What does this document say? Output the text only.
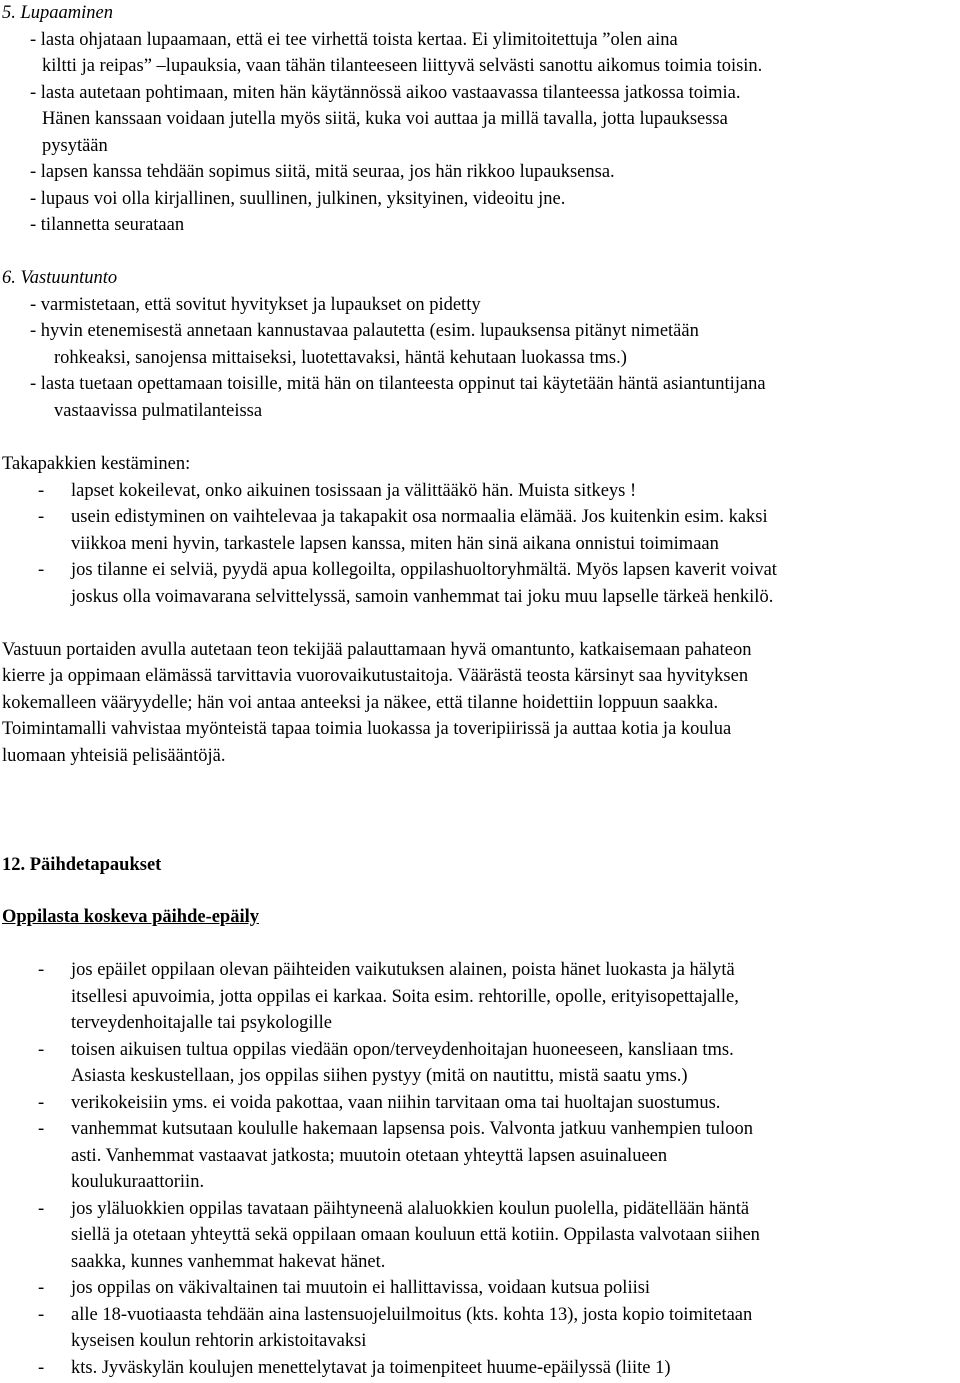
5. Lupaaminen
- lasta ohjataan lupaamaan, että ei tee virhettä toista kertaa. Ei ylimitoitettuja ”olen aina
kiltti ja reipas” –lupauksia, vaan tähän tilanteeseen liittyvä selvästi sanottu aikomus toimia toisin.
- lasta autetaan pohtimaan, miten hän käytännössä aikoo vastaavassa tilanteessa jatkossa toimia.
Hänen kanssaan voidaan jutella myös siitä, kuka voi auttaa ja millä tavalla, jotta lupauksessa
pysytään
- lapsen kanssa tehdään sopimus siitä, mitä seuraa, jos hän rikkoo lupauksensa.
- lupaus voi olla kirjallinen, suullinen, julkinen, yksityinen, videoitu jne.
- tilannetta seurataan
6. Vastuuntunto
- varmistetaan, että sovitut hyvitykset ja lupaukset on pidetty
- hyvin etenemisestä annetaan kannustavaa palautetta (esim. lupauksensa pitänyt nimetään
rohkeaksi, sanojensa mittaiseksi, luotettavaksi, häntä kehutaan luokassa tms.)
- lasta tuetaan opettamaan toisille, mitä hän on tilanteesta oppinut tai käytetään häntä asiantuntijana
vastaavissa pulmatilanteissa
Takapakkien kestäminen:
- lapset kokeilevat, onko aikuinen tosissaan ja välittääkö hän. Muista sitkeys !
- usein edistyminen on vaihtelevaa ja takapakit osa normaalia elämää. Jos kuitenkin esim. kaksi
viikkoa meni hyvin, tarkastele lapsen kanssa, miten hän sinä aikana onnistui toimimaan
- jos tilanne ei selviä, pyydä apua kollegoilta, oppilashuoltoryhmältä. Myös lapsen kaverit voivat
joskus olla voimavarana selvittelyssä, samoin vanhemmat tai joku muu lapselle tärkeä henkilö.
Vastuun portaiden avulla autetaan teon tekijää palauttamaan hyvä omantunto, katkaisemaan pahateon
kierre ja oppimaan elämässä tarvittavia vuorovaikutustaitoja. Väärästä teosta kärsinyt saa hyvityksen
kokemalleen vääryydelle; hän voi antaa anteeksi ja näkee, että tilanne hoidettiin loppuun saakka.
Toimintamalli vahvistaa myönteistä tapaa toimia luokassa ja toveripiirissä ja auttaa kotia ja koulua
luomaan yhteisiä pelisääntöjä.
12. Päihdetapaukset
Oppilasta koskeva päihde-epäily
- jos epäilet oppilaan olevan päihteiden vaikutuksen alainen, poista hänet luokasta ja hälytä
itsellesi apuvoimia, jotta oppilas ei karkaa. Soita esim. rehtorille, opolle, erityisopettajalle,
terveydenhoitajalle tai psykologille
- toisen aikuisen tultua oppilas viedään opon/terveydenhoitajan huoneeseen, kansliaan tms.
Asiasta keskustellaan, jos oppilas siihen pystyy (mitä on nautittu, mistä saatu yms.)
- verikokeisiin yms. ei voida pakottaa, vaan niihin tarvitaan oma tai huoltajan suostumus.
- vanhemmat kutsutaan koululle hakemaan lapsensa pois. Valvonta jatkuu vanhempien tuloon
asti. Vanhemmat vastaavat jatkosta; muutoin otetaan yhteyttä lapsen asuinalueen
koulukuraattoriin.
- jos yläluokkien oppilas tavataan päihtyneenä alaluokkien koulun puolella, pidätellään häntä
siellä ja otetaan yhteyttä sekä oppilaan omaan kouluun että kotiin. Oppilasta valvotaan siihen
saakka, kunnes vanhemmat hakevat hänet.
- jos oppilas on väkivaltainen tai muutoin ei hallittavissa, voidaan kutsua poliisi
- alle 18-vuotiaasta tehdään aina lastensuojeluilmoitus (kts. kohta 13), josta kopio toimitetaan
kyseisen koulun rehtorin arkistoitavaksi
- kts. Jyväskylän koulujen menettelytavat ja toimenpiteet huume-epäilyssä (liite 1)
